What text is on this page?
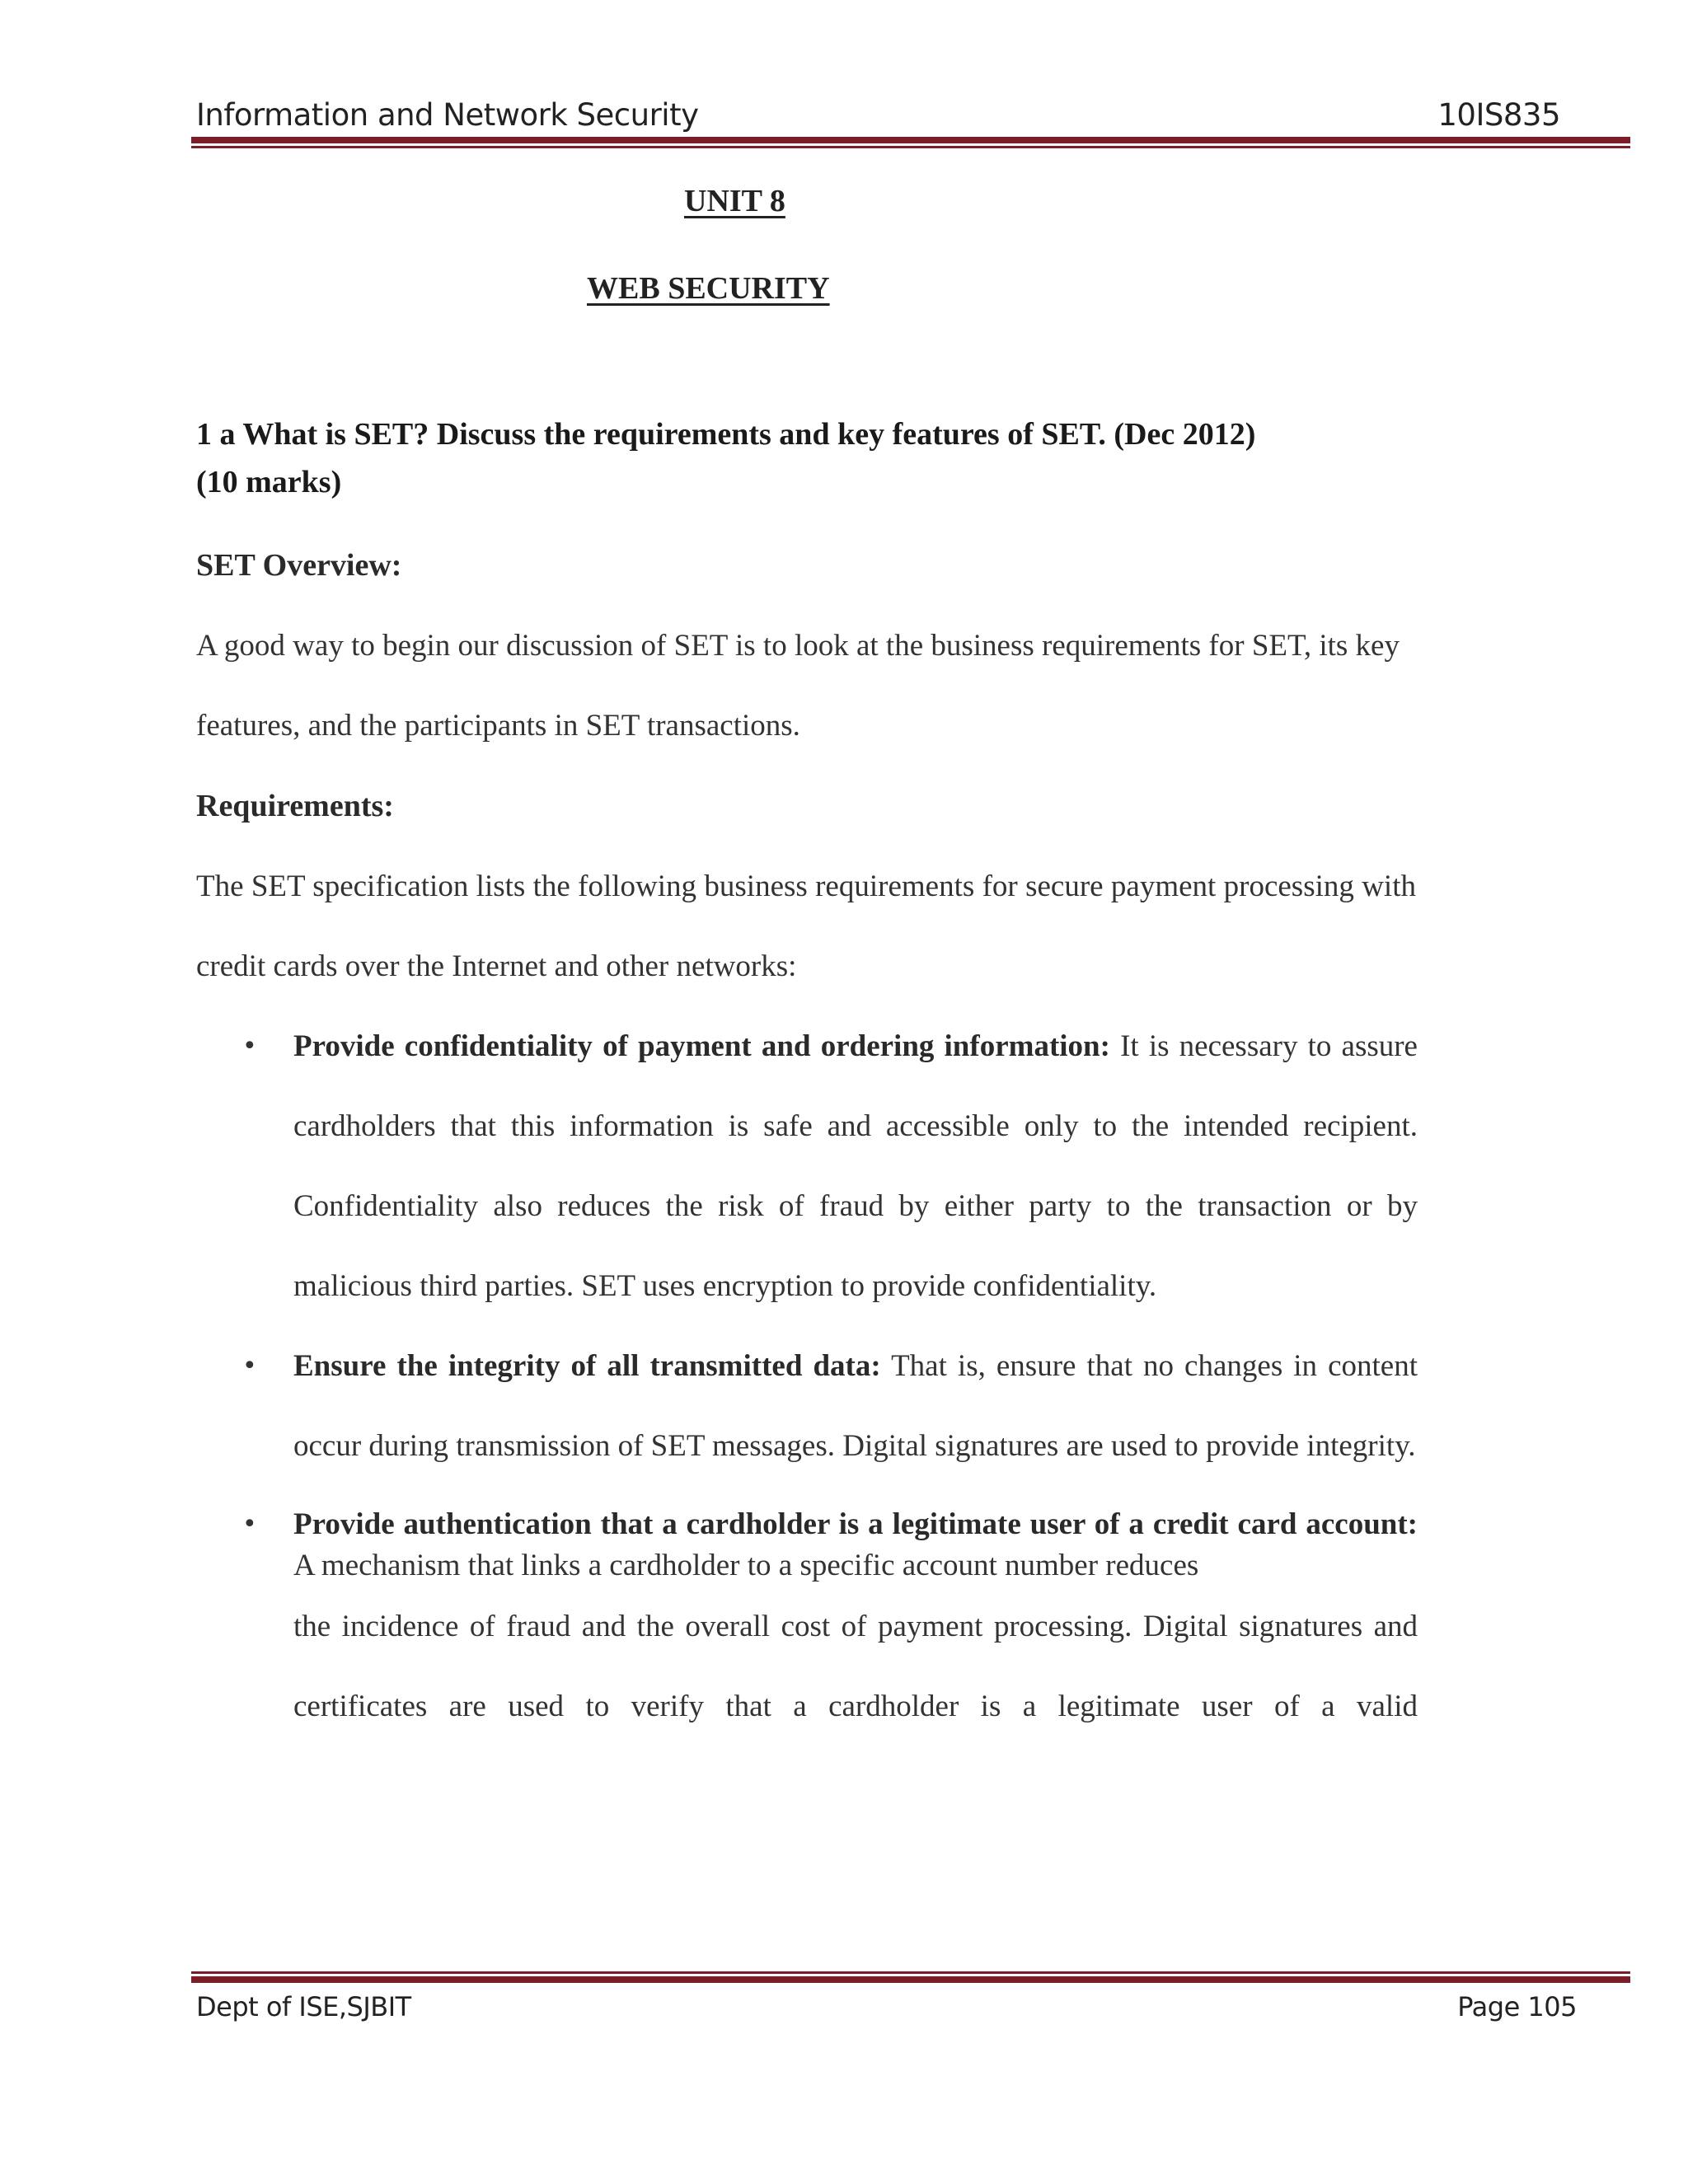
Information and Network Security	10IS835
UNIT 8
WEB SECURITY
1 a What is SET? Discuss the requirements and key features of SET. (Dec 2012)
(10 marks)
SET Overview:
A good way to begin our discussion of SET is to look at the business requirements for SET, its key features, and the participants in SET transactions.
Requirements:
The SET specification lists the following business requirements for secure payment processing with credit cards over the Internet and other networks:
• Provide confidentiality of payment and ordering information: It is necessary to assure cardholders that this information is safe and accessible only to the intended recipient. Confidentiality also reduces the risk of fraud by either party to the transaction or by malicious third parties. SET uses encryption to provide confidentiality.
• Ensure the integrity of all transmitted data: That is, ensure that no changes in content occur during transmission of SET messages. Digital signatures are used to provide integrity.
• Provide authentication that a cardholder is a legitimate user of a credit card account: A mechanism that links a cardholder to a specific account number reduces
the incidence of fraud and the overall cost of payment processing. Digital signatures and certificates are used to verify that a cardholder is a legitimate user of a valid
Dept of ISE,SJBIT	Page 105
